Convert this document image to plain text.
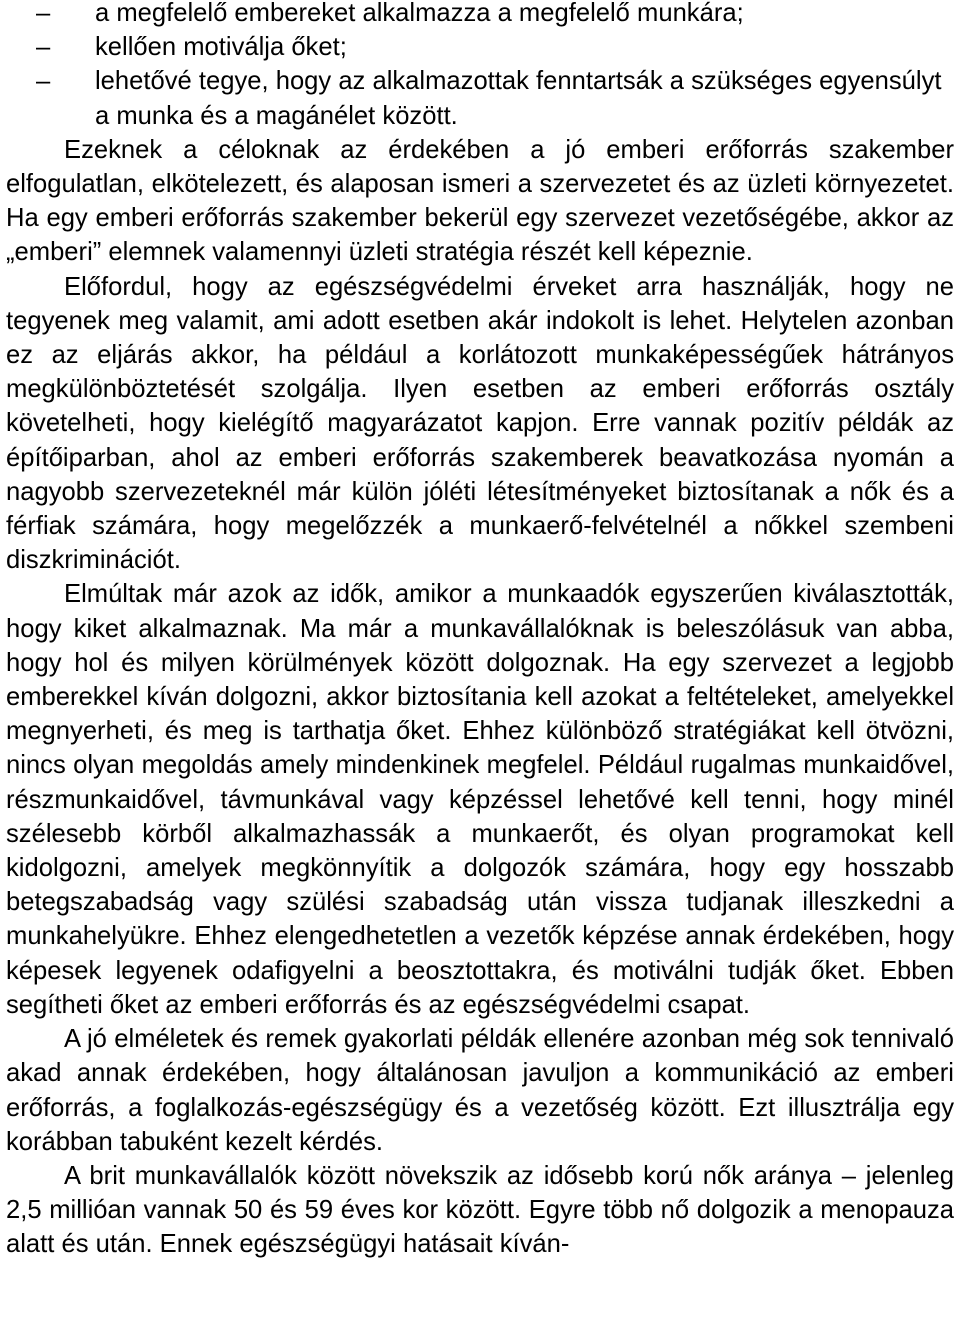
– a megfelelő embereket alkalmazza a megfelelő munkára;
– kellően motiválja őket;
– lehetővé tegye, hogy az alkalmazottak fenntartsák a szükséges egyensúlyt a munka és a magánélet között.

Ezeknek a céloknak az érdekében a jó emberi erőforrás szakember elfogulatlan, elkötelezett, és alaposan ismeri a szervezetet és az üzleti környezetet. Ha egy emberi erőforrás szakember bekerül egy szervezet vezetőségébe, akkor az „emberi” elemnek valamennyi üzleti stratégia részét kell képeznie.

Előfordul, hogy az egészségvédelmi érveket arra használják, hogy ne tegyenek meg valamit, ami adott esetben akár indokolt is lehet. Helytelen azonban ez az eljárás akkor, ha például a korlátozott munkaképességűek hátrányos megkülönböztetését szolgálja. Ilyen esetben az emberi erőforrás osztály követelheti, hogy kielégítő magyarázatot kapjon. Erre vannak pozitív példák az építőiparban, ahol az emberi erőforrás szakemberek beavatkozása nyomán a nagyobb szervezeteknél már külön jóléti létesítményeket biztosítanak a nők és a férfiak számára, hogy megelőzzék a munkaerő-felvételnél a nőkkel szembeni diszkriminációt.

Elmúltak már azok az idők, amikor a munkaadók egyszerűen kiválasztották, hogy kiket alkalmaznak. Ma már a munkavállalóknak is beleszólásuk van abba, hogy hol és milyen körülmények között dolgoznak. Ha egy szervezet a legjobb emberekkel kíván dolgozni, akkor biztosítania kell azokat a feltételeket, amelyekkel megnyerheti, és meg is tarthatja őket. Ehhez különböző stratégiákat kell ötvözni, nincs olyan megoldás amely mindenkinek megfelel. Például rugalmas munkaidővel, részmunkaidővel, távmunkával vagy képzéssel lehetővé kell tenni, hogy minél szélesebb körből alkalmazhassák a munkaerőt, és olyan programokat kell kidolgozni, amelyek megkönnyítik a dolgozók számára, hogy egy hosszabb betegszabadság vagy szülési szabadság után vissza tudjanak illeszkedni a munkahelyükre. Ehhez elengedhetetlen a vezetők képzése annak érdekében, hogy képesek legyenek odafigyelni a beosztottakra, és motiválni tudják őket. Ebben segítheti őket az emberi erőforrás és az egészségvédelmi csapat.

A jó elméletek és remek gyakorlati példák ellenére azonban még sok tennivaló akad annak érdekében, hogy általánosan javuljon a kommunikáció az emberi erőforrás, a foglalkozás-egészségügy és a vezetőség között. Ezt illusztrálja egy korábban tabuként kezelt kérdés.

A brit munkavállalók között növekszik az idősebb korú nők aránya – jelenleg 2,5 millióan vannak 50 és 59 éves kor között. Egyre több nő dolgozik a menopauza alatt és után. Ennek egészségügyi hatásait kíván-
